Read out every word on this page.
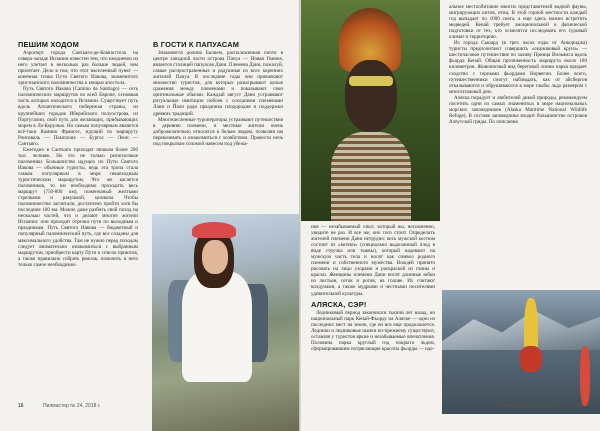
ПЕШИМ ХОДОМ

Аэропорт города Сантьяго-де-Компостела на северо-западе Испании известен тем, что ежедневно из него улетает в несколько раз больше людей, чем прилетает. Дело в том, что этот населенный пункт — конечная точка Пути Святого Иакова, знаменитого христианского паломничества к мощам апостола.

Путь Святого Иакова (Camino de Santiago) — сеть паломнических маршрутов по всей Европе, основная часть которых находится в Испании. Существует путь вдоль Атлантического побережья страны, из крупнейших городов Иберийского полуострова, из Португалии, свой путь для желающих, прибывающих морем в Ла-Корунью. Но самым популярным является всё-таки Камино Франсес, идущий по маршруту Ронсеваль — Памплона — Бургос — Леон — Сантьяго.

Ежегодно в Сантьяго приходят пешком более 200 тыс. человек. Но это не только религиозные паломники. Большинство идущих по Пути Святого Иакова — обычные туристы, ведь эта тропа стала самым популярным в мире пешеходным туристическим маршрутом. Что же касается паломников, то им необходимо проходить весь маршрут (750-800 км), поженчаный желтыми стрелками и ракушкой, целиком. Чтобы паломничество засчитали, достаточно пройти хотя бы последние 100 км. Можно даже разбить свой поход на несколько частей, что и делают многие жители Испании: они проходят отрезки пути по выходным и праздникам. Путь Святого Иакова — бюджетный и популярный паломнический путь, где все созданы для максимального удобства. Там не нужно перед походом следует внимательно ознакомиться с выбранным маршрутом, приобрести карту Пути и список приютов, а также правильно собрать рюкзак, помочить в него только самое необходимое.

В ГОСТИ К ПАПУАСАМ

Знакомятся долина Балием, расположенная почти в центре западной части острова Папуа — Новая Гвинея, является столицей папуасов Дани. Племена Дани, пожалуй, самые распространенные и радушные из всех коренних жителей Папуа. В последние годы они привлекают множество туристов, для которых разыгрывают целые сражения между племенами и показывают свои оригинальные обычаи. Каждый август Дани устраивают ритуальные имитации побоев с соседними племенами Лани и Йали ради праздника плодородия и поддержки древних традиций.

Многочисленные туроператоры устраивают путешествия в деревню племени, и местные жители очень доброжелательно относятся к белым людям, позволяя им перекочевать и ознакомиться с хозяйством. Провести ночь под покрытым соломой навесом под убежа-

16	Пилмастер № 24, 2018 г.

ние — незабываемый опыт, который вы, несомненно, увидите не раз. И все же, оно того стоит. Определить жителей племени Дани нетрудно: весь мужской костюм состоит из «котеки» (специально выделанный плод в виде стручка или тыквы), который надевают на мужскую часть тела и носят как символ родного племени и собственного мужества. Вождей принято рисовать на лицо узорами и раскраской из глины и краски. Женщины племени Дани носят длинные юбки из листьев, сеток и рогов, на голове. Их считают колдунами, а также мудрыми и честными носителями удивительной культуры.

АЛЯСКА, СЭР!

Ледниковый период закончился тысячи лет назад, но национальный парк Кенай-Фьордс на Аляске — одно из последних мест на земле, где он все еще продолжается. Ледники и ледниковые шапки по-прежнему существуют, оставляя у туристов яркие и незабываемые впечатления. Половина парка круглый год покрыта льдом, сформировавшим потрясающие красоты фьорды — иде-

альное местообитание многих представителей водной фауны, мигрирующих китов, птиц. В этой горной местности каждый год выпадает по 1000 снега, а еще здесь можно встретить медведей. Кенай требует эмоциональной и физической подготовки от тех, кто осмелится исследовать его суровый климат и территорию.

Из города Сьюард (в трех часах езды от Анкориджа) туристы предпочитают совершить «ледниковый круиз» — шестичасовое путешествие по заливу Принца Вильямса вдоль фьорда Кенай. Общая протяженность маршрута около 180 километров. Живописный вид береговой линии парка придает сходство с горными фьордами Норвегии. Более всего, путешественники смогут наблюдать, как от айсбергов откалываются и обрушиваются в море глыбы льда размером с многоэтажный дом.

Аляска порадует и любителей дикой природы, рекомендуем посетить одни из самых знаменитых в мире национальных морских заповедников (Alaska Maritime National Wildlife Refuge). В составе заповедника входит большинство островов Алеутской гряды. По описанию

Пилмастер № 24, 2018 г.	17
